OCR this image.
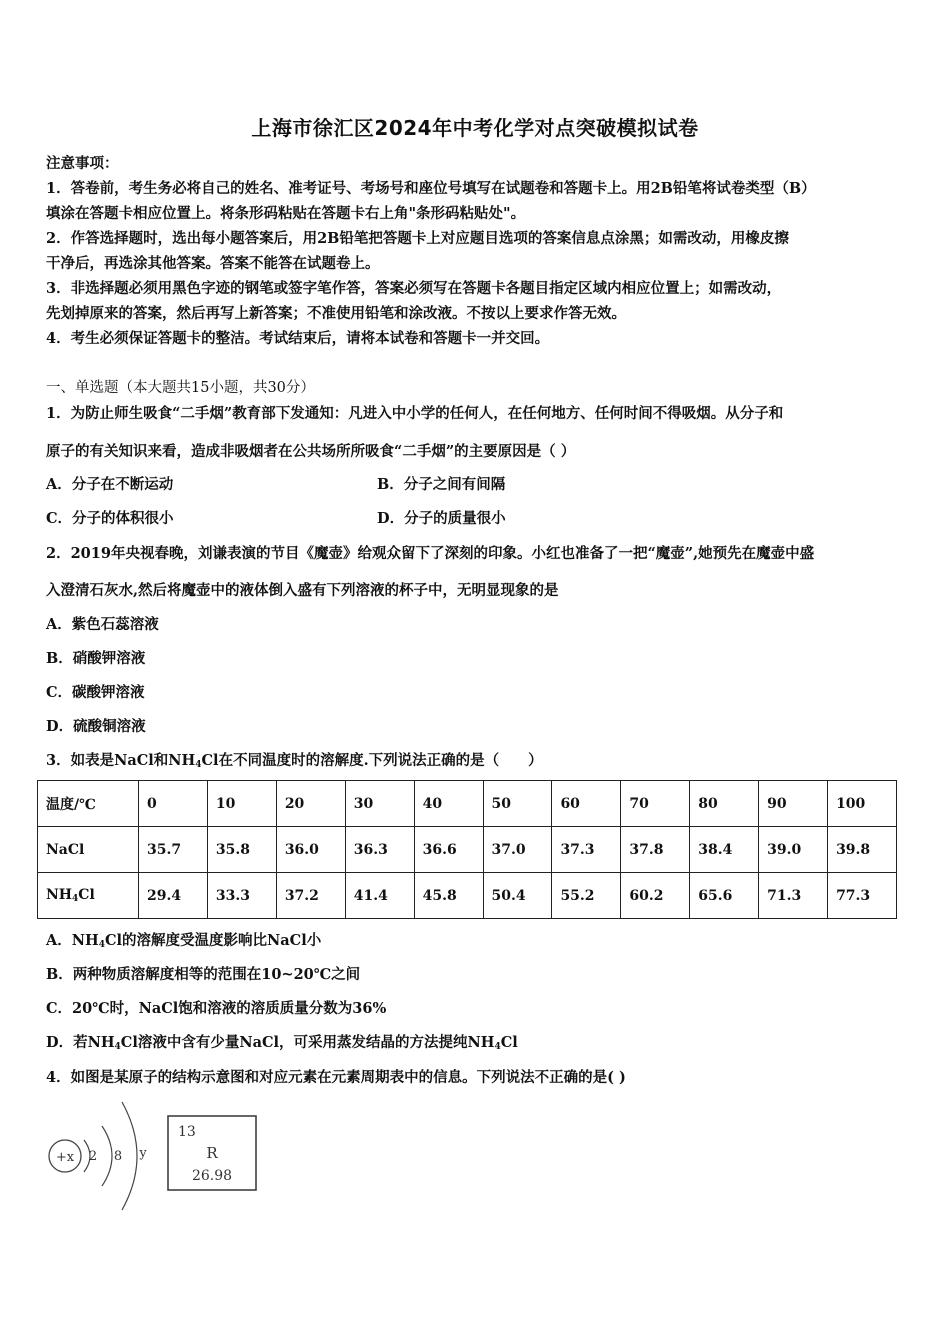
上海市徐汇区2024年中考化学对点突破模拟试卷
注意事项：
1．答卷前，考生务必将自己的姓名、准考证号、考场号和座位号填写在试题卷和答题卡上。用2B铅笔将试卷类型（B）
填涂在答题卡相应位置上。将条形码粘贴在答题卡右上角"条形码粘贴处"。
2．作答选择题时，选出每小题答案后，用2B铅笔把答题卡上对应题目选项的答案信息点涂黑；如需改动，用橡皮擦
干净后，再选涂其他答案。答案不能答在试题卷上。
3．非选择题必须用黑色字迹的钢笔或签字笔作答，答案必须写在答题卡各题目指定区域内相应位置上；如需改动，
先划掉原来的答案，然后再写上新答案；不准使用铅笔和涂改液。不按以上要求作答无效。
4．考生必须保证答题卡的整洁。考试结束后，请将本试卷和答题卡一并交回。
一、单选题（本大题共15小题，共30分）
1．为防止师生吸食“二手烟”教育部下发通知：凡进入中小学的任何人，在任何地方、任何时间不得吸烟。从分子和
原子的有关知识来看，造成非吸烟者在公共场所所吸食“二手烟”的主要原因是（ ）
A．分子在不断运动	B．分子之间有间隔
C．分子的体积很小	D．分子的质量很小
2．2019年央视春晚，刘谦表演的节目《魔壶》给观众留下了深刻的印象。小红也准备了一把“魔壶”,她预先在魔壶中盛
入澄清石灰水,然后将魔壶中的液体倒入盛有下列溶液的杯子中，无明显现象的是
A．紫色石蕊溶液
B．硝酸钾溶液
C．碳酸钾溶液
D．硫酸铜溶液
3．如表是NaCl和$NH_4Cl$在不同温度时的溶解度.下列说法正确的是（　　）
温度/℃	0	10	20	30	40	50	60	70	80	90	100
NaCl	35.7	35.8	36.0	36.3	36.6	37.0	37.3	37.8	38.4	39.0	39.8
$NH_4Cl$	29.4	33.3	37.2	41.4	45.8	50.4	55.2	60.2	65.6	71.3	77.3
A．$NH_4Cl$的溶解度受温度影响比NaCl小
B．两种物质溶解度相等的范围在10~20℃之间
C．20℃时，NaCl饱和溶液的溶质质量分数为36%
D．若$NH_4Cl$溶液中含有少量NaCl，可采用蒸发结晶的方法提纯$NH_4Cl$
4．如图是某原子的结构示意图和对应元素在元素周期表中的信息。下列说法不正确的是( )
+x 2 8 y
13
R
26.98
